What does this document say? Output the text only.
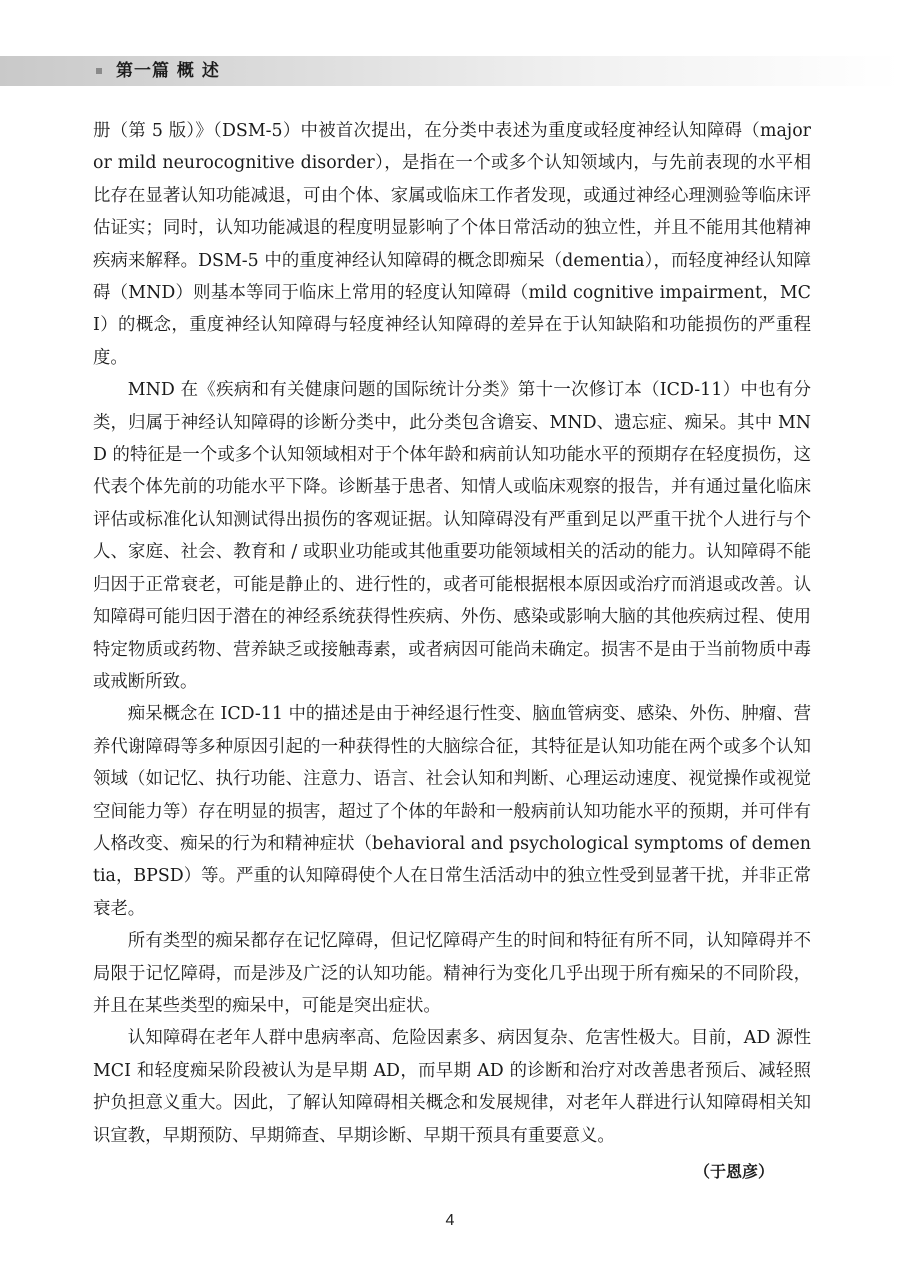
第一篇 概 述

册（第 5 版）》（DSM-5）中被首次提出，在分类中表述为重度或轻度神经认知障碍（major or mild neurocognitive disorder），是指在一个或多个认知领域内，与先前表现的水平相比存在显著认知功能减退，可由个体、家属或临床工作者发现，或通过神经心理测验等临床评估证实；同时，认知功能减退的程度明显影响了个体日常活动的独立性，并且不能用其他精神疾病来解释。DSM-5 中的重度神经认知障碍的概念即痴呆（dementia），而轻度神经认知障碍（MND）则基本等同于临床上常用的轻度认知障碍（mild cognitive impairment，MCI）的概念，重度神经认知障碍与轻度神经认知障碍的差异在于认知缺陷和功能损伤的严重程度。

MND 在《疾病和有关健康问题的国际统计分类》第十一次修订本（ICD-11）中也有分类，归属于神经认知障碍的诊断分类中，此分类包含谵妄、MND、遗忘症、痴呆。其中 MND 的特征是一个或多个认知领域相对于个体年龄和病前认知功能水平的预期存在轻度损伤，这代表个体先前的功能水平下降。诊断基于患者、知情人或临床观察的报告，并有通过量化临床评估或标准化认知测试得出损伤的客观证据。认知障碍没有严重到足以严重干扰个人进行与个人、家庭、社会、教育和 / 或职业功能或其他重要功能领域相关的活动的能力。认知障碍不能归因于正常衰老，可能是静止的、进行性的，或者可能根据根本原因或治疗而消退或改善。认知障碍可能归因于潜在的神经系统获得性疾病、外伤、感染或影响大脑的其他疾病过程、使用特定物质或药物、营养缺乏或接触毒素，或者病因可能尚未确定。损害不是由于当前物质中毒或戒断所致。

痴呆概念在 ICD-11 中的描述是由于神经退行性变、脑血管病变、感染、外伤、肿瘤、营养代谢障碍等多种原因引起的一种获得性的大脑综合征，其特征是认知功能在两个或多个认知领域（如记忆、执行功能、注意力、语言、社会认知和判断、心理运动速度、视觉操作或视觉空间能力等）存在明显的损害，超过了个体的年龄和一般病前认知功能水平的预期，并可伴有人格改变、痴呆的行为和精神症状（behavioral and psychological symptoms of dementia，BPSD）等。严重的认知障碍使个人在日常生活活动中的独立性受到显著干扰，并非正常衰老。

所有类型的痴呆都存在记忆障碍，但记忆障碍产生的时间和特征有所不同，认知障碍并不局限于记忆障碍，而是涉及广泛的认知功能。精神行为变化几乎出现于所有痴呆的不同阶段，并且在某些类型的痴呆中，可能是突出症状。

认知障碍在老年人群中患病率高、危险因素多、病因复杂、危害性极大。目前，AD 源性 MCI 和轻度痴呆阶段被认为是早期 AD，而早期 AD 的诊断和治疗对改善患者预后、减轻照护负担意义重大。因此，了解认知障碍相关概念和发展规律，对老年人群进行认知障碍相关知识宣教，早期预防、早期筛查、早期诊断、早期干预具有重要意义。

（于恩彦）
4
